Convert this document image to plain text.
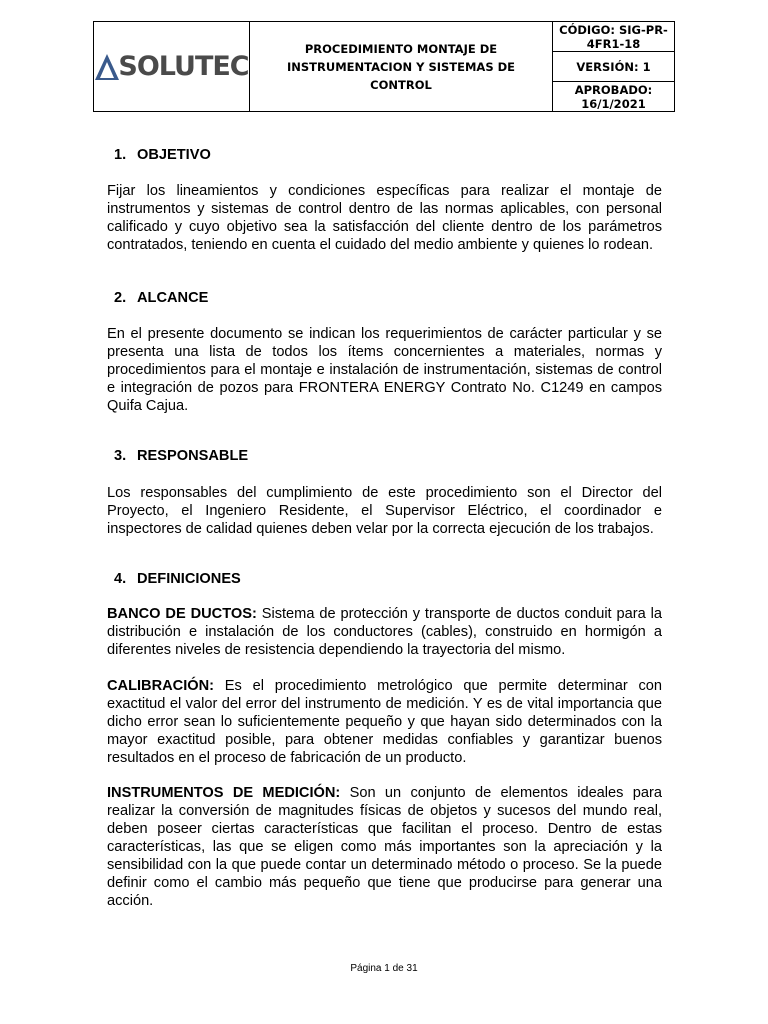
SOLUTEC
	PROCEDIMIENTO MONTAJE DE INSTRUMENTACION Y SISTEMAS DE CONTROL	CÓDIGO: SIG-PR-4FR1-18
VERSIÓN: 1
APROBADO: 16/1/2021
1. OBJETIVO

Fijar los lineamientos y condiciones específicas para realizar el montaje de instrumentos y sistemas de control dentro de las normas aplicables, con personal calificado y cuyo objetivo sea la satisfacción del cliente dentro de los parámetros contratados, teniendo en cuenta el cuidado del medio ambiente y quienes lo rodean.

2. ALCANCE

En el presente documento se indican los requerimientos de carácter particular y se presenta una lista de todos los ítems concernientes a materiales, normas y procedimientos para el montaje e instalación de instrumentación, sistemas de control e integración de pozos para FRONTERA ENERGY Contrato No. C1249 en campos Quifa Cajua.

3. RESPONSABLE

Los responsables del cumplimiento de este procedimiento son el Director del Proyecto, el Ingeniero Residente, el Supervisor Eléctrico, el coordinador e inspectores de calidad quienes deben velar por la correcta ejecución de los trabajos.

4. DEFINICIONES

BANCO DE DUCTOS: Sistema de protección y transporte de ductos conduit para la distribución e instalación de los conductores (cables), construido en hormigón a diferentes niveles de resistencia dependiendo la trayectoria del mismo.

CALIBRACIÓN: Es el procedimiento metrológico que permite determinar con exactitud el valor del error del instrumento de medición. Y es de vital importancia que dicho error sean lo suficientemente pequeño y que hayan sido determinados con la mayor exactitud posible, para obtener medidas confiables y garantizar buenos resultados en el proceso de fabricación de un producto.

INSTRUMENTOS DE MEDICIÓN: Son un conjunto de elementos ideales para realizar la conversión de magnitudes físicas de objetos y sucesos del mundo real, deben poseer ciertas características que facilitan el proceso. Dentro de estas características, las que se eligen como más importantes son la apreciación y la sensibilidad con la que puede contar un determinado método o proceso. Se la puede definir como el cambio más pequeño que tiene que producirse para generar una acción.

Página 1 de 31
